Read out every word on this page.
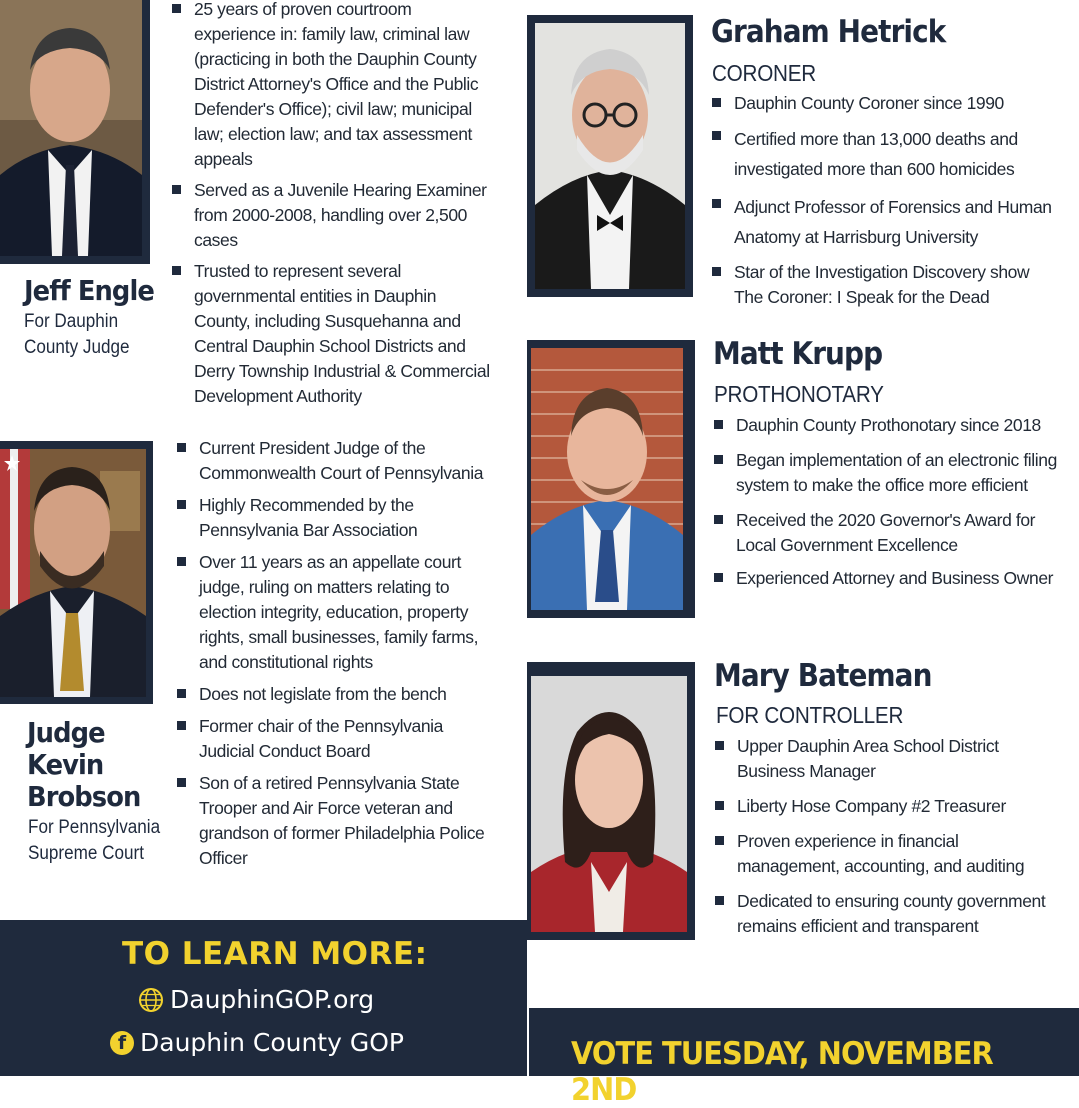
Jeff Engle
For Dauphin
County Judge
25 years of proven courtroom experience in: family law, criminal law (practicing in both the Dauphin County District Attorney's Office and the Public Defender's Office); civil law; municipal law; election law; and tax assessment appeals
Served as a Juvenile Hearing Examiner from 2000-2008, handling over 2,500 cases
Trusted to represent several governmental entities in Dauphin County, including Susquehanna and Central Dauphin School Districts and Derry Township Industrial & Commercial Development Authority
Judge
Kevin
Brobson
For Pennsylvania
Supreme Court
Current President Judge of the Commonwealth Court of Pennsylvania
Highly Recommended by the Pennsylvania Bar Association
Over 11 years as an appellate court judge, ruling on matters relating to election integrity, education, property rights, small businesses, family farms, and constitutional rights
Does not legislate from the bench
Former chair of the Pennsylvania Judicial Conduct Board
Son of a retired Pennsylvania State Trooper and Air Force veteran and grandson of former Philadelphia Police Officer
TO LEARN MORE:
DauphinGOP.org
f Dauphin County GOP
Graham Hetrick
CORONER
Dauphin County Coroner since 1990
Certified more than 13,000 deaths and investigated more than 600 homicides
Adjunct Professor of Forensics and Human Anatomy at Harrisburg University
Star of the Investigation Discovery show The Coroner: I Speak for the Dead
Matt Krupp
PROTHONOTARY
Dauphin County Prothonotary since 2018
Began implementation of an electronic filing system to make the office more efficient
Received the 2020 Governor's Award for Local Government Excellence
Experienced Attorney and Business Owner
Mary Bateman
FOR CONTROLLER
Upper Dauphin Area School District Business Manager
Liberty Hose Company #2 Treasurer
Proven experience in financial management, accounting, and auditing
Dedicated to ensuring county government remains efficient and transparent
VOTE TUESDAY, NOVEMBER 2ND
